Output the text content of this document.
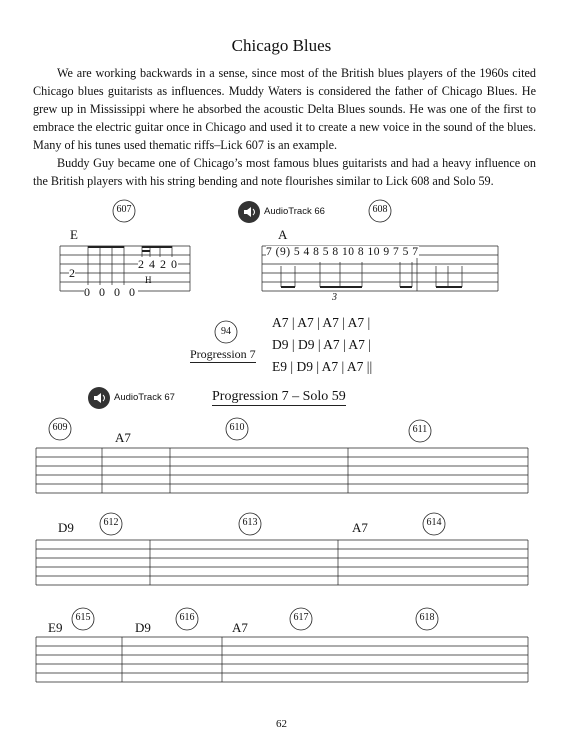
Chicago Blues

We are working backwards in a sense, since most of the British blues players of the 1960s cited Chicago blues guitarists as influences. Muddy Waters is considered the father of Chicago Blues. He grew up in Mississippi where he absorbed the acoustic Delta Blues sounds. He was one of the first to embrace the electric guitar once in Chicago and used it to create a new voice in the sound of the blues. Many of his tunes used thematic riffs–Lick 607 is an example.

Buddy Guy became one of Chicago’s most famous blues guitarists and had a heavy influence on the British players with his string bending and note flourishes similar to Lick 608 and Solo 59.

607	608
AudioTrack 66
E
2
2 4 2 0
H
0 0 0 0
A
7 (9) 5 4 8 5 8 10 8 10 9 7 5 7
3
94
Progression 7
A7 | A7 | A7 | A7 |
D9 | D9 | A7 | A7 |
E9 | D9 | A7 | A7 ||
AudioTrack 67	Progression 7 – Solo 59
609	610	611
612	613	614
615	616	617	618
A7
D9	A7
E9	D9	A7
62
